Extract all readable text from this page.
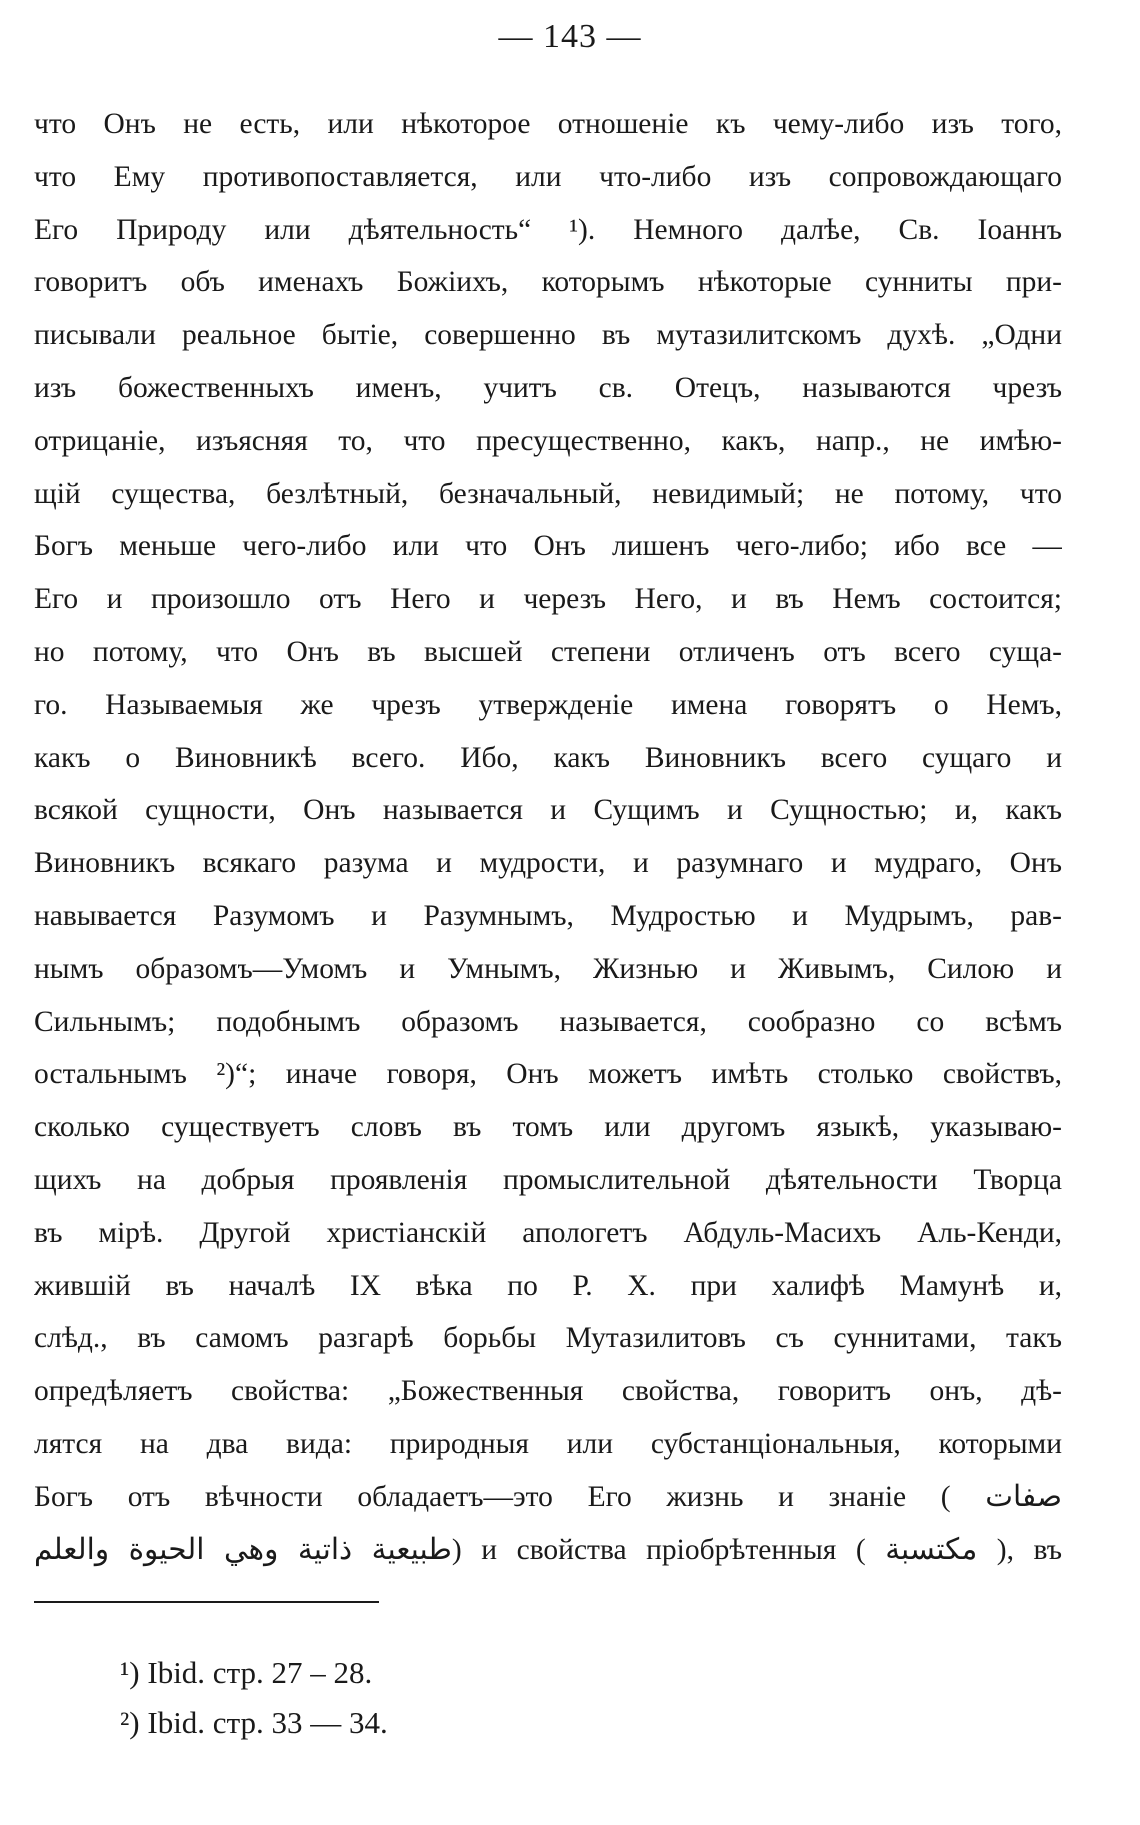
— 143 —
что Онъ не есть, или нѣкоторое отношеніе къ чему-либо изъ того,
что Ему противопоставляется, или что-либо изъ сопровождающаго
Его Природу или дѣятельность“ ¹). Немного далѣе, Св. Іоаннъ
говоритъ объ именахъ Божіихъ, которымъ нѣкоторые сунниты при-
писывали реальное бытіе, совершенно въ мутазилитскомъ духѣ. „Одни
изъ божественныхъ именъ, учитъ св. Отецъ, называются чрезъ
отрицаніе, изъясняя то, что пресущественно, какъ, напр., не имѣю-
щій существа, безлѣтный, безначальный, невидимый; не потому, что
Богъ меньше чего-либо или что Онъ лишенъ чего-либо; ибо все —
Его и произошло отъ Него и черезъ Него, и въ Немъ состоится;
но потому, что Онъ въ высшей степени отличенъ отъ всего суща-
го. Называемыя же чрезъ утвержденіе имена говорятъ о Немъ,
какъ о Виновникѣ всего. Ибо, какъ Виновникъ всего сущаго и
всякой сущности, Онъ называется и Сущимъ и Сущностью; и, какъ
Виновникъ всякаго разума и мудрости, и разумнаго и мудраго, Онъ
навывается Разумомъ и Разумнымъ, Мудростью и Мудрымъ, рав-
нымъ образомъ—Умомъ и Умнымъ, Жизнью и Живымъ, Силою и
Сильнымъ; подобнымъ образомъ называется, сообразно со всѣмъ
остальнымъ ²)“; иначе говоря, Онъ можетъ имѣть столько свойствъ,
сколько существуетъ словъ въ томъ или другомъ языкѣ, указываю-
щихъ на добрыя проявленія промыслительной дѣятельности Творца
въ мірѣ. Другой христіанскій апологетъ Абдуль-Масихъ Аль-Кенди,
жившій въ началѣ IX вѣка по Р. Х. при халифѣ Мамунѣ и,
слѣд., въ самомъ разгарѣ борьбы Мутазилитовъ съ суннитами, такъ
опредѣляетъ свойства: „Божественныя свойства, говоритъ онъ, дѣ-
лятся на два вида: природныя или субстанціональныя, которыми
Богъ отъ вѣчности обладаетъ—это Его жизнь и знаніе ( صفات
طبيعية ذاتية وهي الحيوة والعلم) и свойства пріобрѣтенныя ( مكتسبة ), въ
¹) Ibid. стр. 27 – 28.
²) Ibid. стр. 33 — 34.
